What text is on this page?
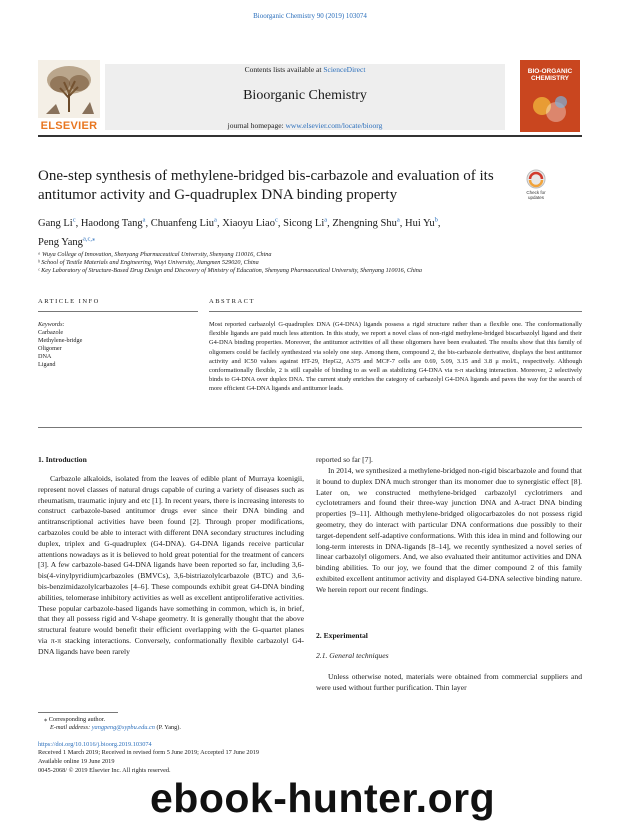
Bioorganic Chemistry 90 (2019) 103074
ELSEVIER
Contents lists available at ScienceDirect
Bioorganic Chemistry
journal homepage: www.elsevier.com/locate/bioorg
BIO-ORGANIC CHEMISTRY
One-step synthesis of methylene-bridged bis-carbazole and evaluation of its antitumor activity and G-quadruplex DNA binding property	Check for
updates
Gang Li$^c$, Haodong Tang$^a$, Chuanfeng Liu$^a$, Xiaoyu Liao$^c$, Sicong Li$^a$, Zhengning Shu$^a$, Hui Yu$^b$,
Peng Yang$^{a,c,⁎}$
ᵃ Wuya College of Innovation, Shenyang Pharmaceutical University, Shenyang 110016, China
ᵇ School of Textile Materials and Engineering, Wuyi University, Jiangmen 529020, China
ᶜ Key Laboratory of Structure-Based Drug Design and Discovery of Ministry of Education, Shenyang Pharmaceutical University, Shenyang 110016, China
ARTICLE INFO	ABSTRACT
Keywords:
Carbazole
Methylene-bridge
Oligomer
DNA
Ligand
Most reported carbazolyl G-quadruplex DNA (G4-DNA) ligands possess a rigid structure rather than a flexible one. The conformationally flexible ligands are paid much less attention. In this study, we report a novel class of non-rigid methylene-bridged biscarbazolyl ligand and their G4-DNA binding properties. Moreover, the antitumor activities of all these oligomers have been evaluated. The results show that this family of oligomers could be facilely synthesized via solely one step. Among them, compound 2, the bis-carbazole derivative, displays the best antitumor activity and IC50 values against HT-29, HepG2, A375 and MCF-7 cells are 0.69, 5.09, 3.15 and 3.8 μ mol/L, respectively. Although conformationally flexible, 2 is still capable of binding to as well as stabilizing G4-DNA via π-π stacking interaction. Moreover, 2 selectively binds to G4-DNA over duplex DNA. The current study enriches the category of carbazolyl G4-DNA ligands and paves the way for the search of more efficient G4-DNA ligands and antitumor leads.
1. Introduction
Carbazole alkaloids, isolated from the leaves of edible plant of Murraya koenigii, represent novel classes of natural drugs capable of curing a variety of diseases such as rheumatism, traumatic injury and etc [1]. In recent years, there is increasing interests to construct carbazole-based antitumor drugs ever since their DNA binding and antitranscriptional activities have been found [2]. Through proper modifications, carbazoles could be able to interact with different DNA secondary structures including duplex, triplex and G-quadruplex (G4-DNA). G4-DNA ligands receive particular attentions nowadays as it is believed to hold great potential for the treatment of cancers [3]. A few carbazole-based G4-DNA ligands have been reported so far, including 3,6-bis(4-vinylpyridium)carbazoles (BMVCs), 3,6-bistriazolylcarbazole (BTC) and 3,6-bis-benzimidazolylcarbazoles [4–6]. These compounds exhibit great G4-DNA binding abilities, telomerase inhibitory activities as well as excellent antiproliferative activities. These popular carbazole-based ligands have something in common, which is, in brief, that they all possess rigid and V-shape geometry. It is generally thought that the above structural feature would benefit their efficient overlapping with the G-quartet planes via π-π stacking interactions. Conversely, conformationally flexible carbazolyl G4-DNA ligands have been rarely
reported so far [7].
In 2014, we synthesized a methylene-bridged non-rigid biscarbazole and found that it bound to duplex DNA much stronger than its monomer due to synergistic effect [8]. Later on, we constructed methylene-bridged carbazolyl cyclotrimers and cyclotetramers and found their three-way junction DNA and A-tract DNA binding properties [9–11]. Although methylene-bridged oligocarbazoles do not possess rigid geometry, they do interact with particular DNA conformations due possibly to their target-dependent self-adaptive conformations. With this idea in mind and following our long-term interests in DNA-ligands [8–14], we recently synthesized a novel series of linear carbazolyl oligomers. And, we also evaluated their antitumor activities and DNA binding abilities. To our joy, we found that the dimer compound 2 of this family exhibited excellent antitumor activity and displayed G4-DNA selective binding nature. We herein report our recent findings.
2. Experimental
2.1. General techniques
Unless otherwise noted, materials were obtained from commercial suppliers and were used without further purification. Thin layer
⁎ Corresponding author.
E-mail address: yangpeng@sypbu.edu.cn (P. Yang).
https://doi.org/10.1016/j.bioorg.2019.103074
Received 1 March 2019; Received in revised form 5 June 2019; Accepted 17 June 2019
Available online 19 June 2019
0045-2068/ © 2019 Elsevier Inc. All rights reserved.
ebook-hunter.org
